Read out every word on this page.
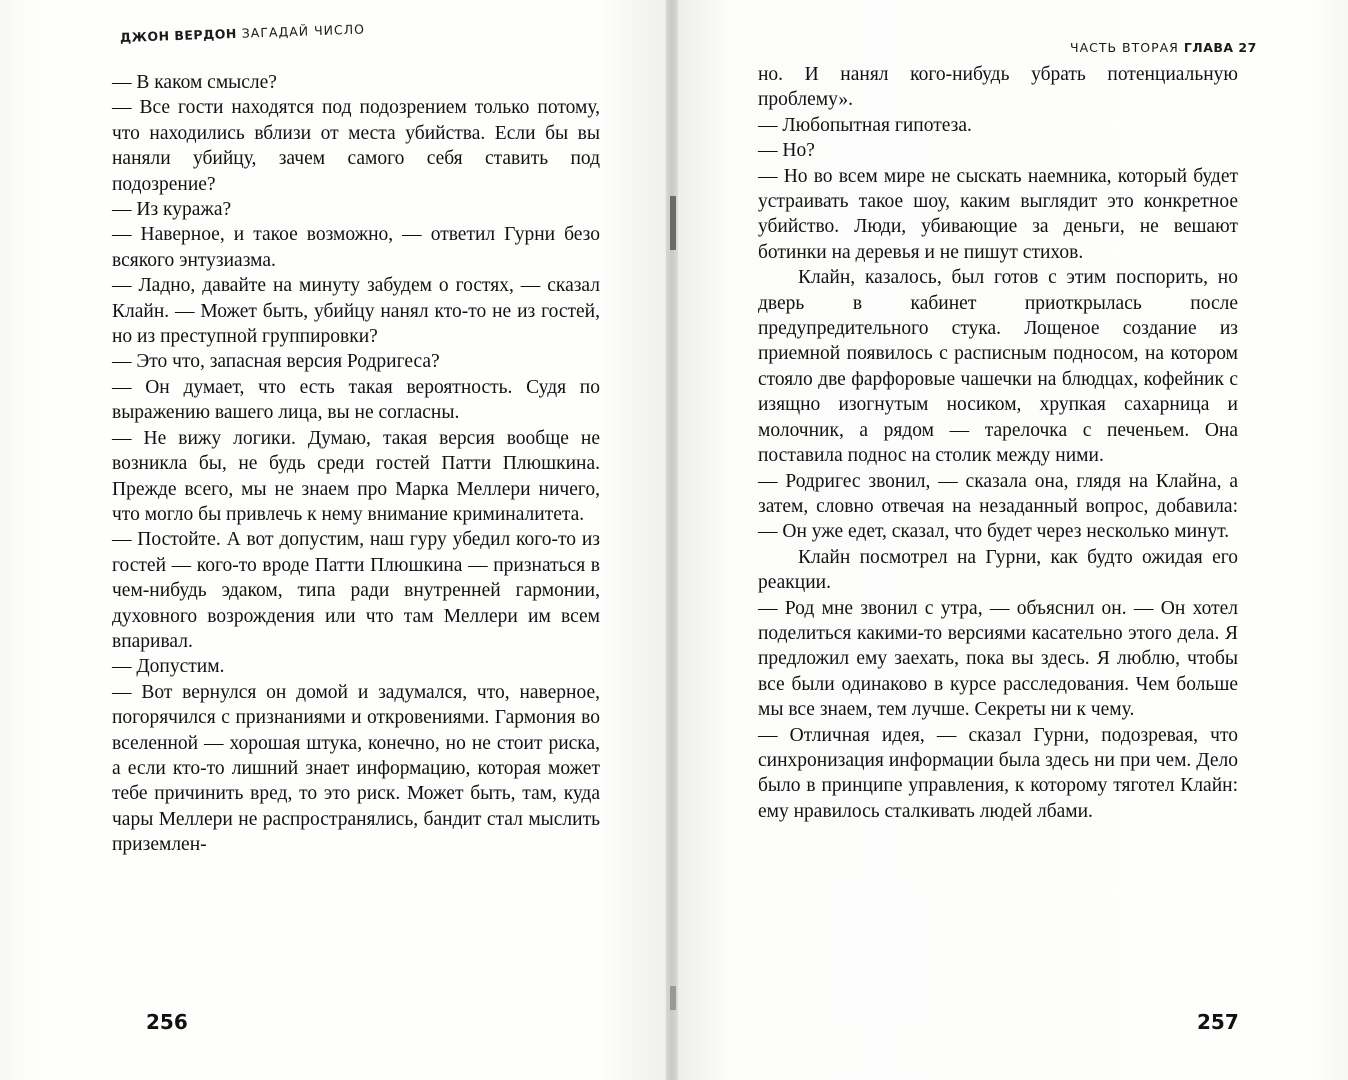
ДЖОН ВЕРДОН ЗАГАДАЙ ЧИСЛО
ЧАСТЬ ВТОРАЯ ГЛАВА 27

— В каком смысле?

— Все гости находятся под подозрением только потому, что находились вблизи от места убийства. Если бы вы наняли убийцу, зачем самого себя ставить под подозрение?

— Из куража?

— Наверное, и такое возможно, — ответил Гурни безо всякого энтузиазма.

— Ладно, давайте на минуту забудем о гостях, — сказал Клайн. — Может быть, убийцу нанял кто-то не из гостей, но из преступной группировки?

— Это что, запасная версия Родригеса?

— Он думает, что есть такая вероятность. Судя по выражению вашего лица, вы не согласны.

— Не вижу логики. Думаю, такая версия вообще не возникла бы, не будь среди гостей Патти Плюшкина. Прежде всего, мы не знаем про Марка Меллери ничего, что могло бы привлечь к нему внимание криминалитета.

— Постойте. А вот допустим, наш гуру убедил кого-то из гостей — кого-то вроде Патти Плюшкина — признаться в чем-нибудь эдаком, типа ради внутренней гармонии, духовного возрождения или что там Меллери им всем впаривал.

— Допустим.

— Вот вернулся он домой и задумался, что, наверное, погорячился с признаниями и откровениями. Гармония во вселенной — хорошая штука, конечно, но не стоит риска, а если кто-то лишний знает информацию, которая может тебе причинить вред, то это риск. Может быть, там, куда чары Меллери не распространялись, бандит стал мыслить приземлен-

но. И нанял кого-нибудь убрать потенциальную проблему».

— Любопытная гипотеза.

— Но?

— Но во всем мире не сыскать наемника, который будет устраивать такое шоу, каким выглядит это конкретное убийство. Люди, убивающие за деньги, не вешают ботинки на деревья и не пишут стихов.

Клайн, казалось, был готов с этим поспорить, но дверь в кабинет приоткрылась после предупредительного стука. Лощеное создание из приемной появилось с расписным подносом, на котором стояло две фарфоровые чашечки на блюдцах, кофейник с изящно изогнутым носиком, хрупкая сахарница и молочник, а рядом — тарелочка с печеньем. Она поставила поднос на столик между ними.

— Родригес звонил, — сказала она, глядя на Клайна, а затем, словно отвечая на незаданный вопрос, добавила: — Он уже едет, сказал, что будет через несколько минут.

Клайн посмотрел на Гурни, как будто ожидая его реакции.

— Род мне звонил с утра, — объяснил он. — Он хотел поделиться какими-то версиями касательно этого дела. Я предложил ему заехать, пока вы здесь. Я люблю, чтобы все были одинаково в курсе расследования. Чем больше мы все знаем, тем лучше. Секреты ни к чему.

— Отличная идея, — сказал Гурни, подозревая, что синхронизация информации была здесь ни при чем. Дело было в принципе управления, к которому тяготел Клайн: ему нравилось сталкивать людей лбами.

256	257
